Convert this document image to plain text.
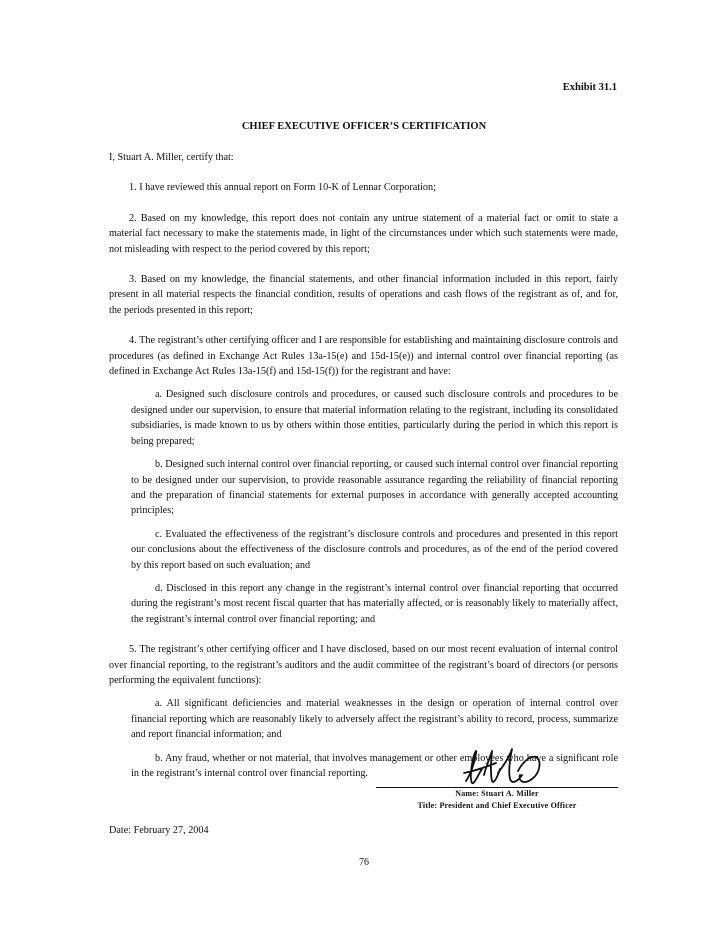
Exhibit 31.1
CHIEF EXECUTIVE OFFICER’S CERTIFICATION

I, Stuart A. Miller, certify that:

1. I have reviewed this annual report on Form 10-K of Lennar Corporation;

2. Based on my knowledge, this report does not contain any untrue statement of a material fact or omit to state a material fact necessary to make the statements made, in light of the circumstances under which such statements were made, not misleading with respect to the period covered by this report;

3. Based on my knowledge, the financial statements, and other financial information included in this report, fairly present in all material respects the financial condition, results of operations and cash flows of the registrant as of, and for, the periods presented in this report;

4. The registrant’s other certifying officer and I are responsible for establishing and maintaining disclosure controls and procedures (as defined in Exchange Act Rules 13a-15(e) and 15d-15(e)) and internal control over financial reporting (as defined in Exchange Act Rules 13a-15(f) and 15d-15(f)) for the registrant and have:

a. Designed such disclosure controls and procedures, or caused such disclosure controls and procedures to be designed under our supervision, to ensure that material information relating to the registrant, including its consolidated subsidiaries, is made known to us by others within those entities, particularly during the period in which this report is being prepared;

b. Designed such internal control over financial reporting, or caused such internal control over financial reporting to be designed under our supervision, to provide reasonable assurance regarding the reliability of financial reporting and the preparation of financial statements for external purposes in accordance with generally accepted accounting principles;

c. Evaluated the effectiveness of the registrant’s disclosure controls and procedures and presented in this report our conclusions about the effectiveness of the disclosure controls and procedures, as of the end of the period covered by this report based on such evaluation; and

d. Disclosed in this report any change in the registrant’s internal control over financial reporting that occurred during the registrant’s most recent fiscal quarter that has materially affected, or is reasonably likely to materially affect, the registrant’s internal control over financial reporting; and

5. The registrant’s other certifying officer and I have disclosed, based on our most recent evaluation of internal control over financial reporting, to the registrant’s auditors and the audit committee of the registrant’s board of directors (or persons performing the equivalent functions):

a. All significant deficiencies and material weaknesses in the design or operation of internal control over financial reporting which are reasonably likely to adversely affect the registrant’s ability to record, process, summarize and report financial information; and

b. Any fraud, whether or not material, that involves management or other employees who have a significant role in the registrant’s internal control over financial reporting.

Name: Stuart A. Miller
Title: President and Chief Executive Officer
Date: February 27, 2004
76
